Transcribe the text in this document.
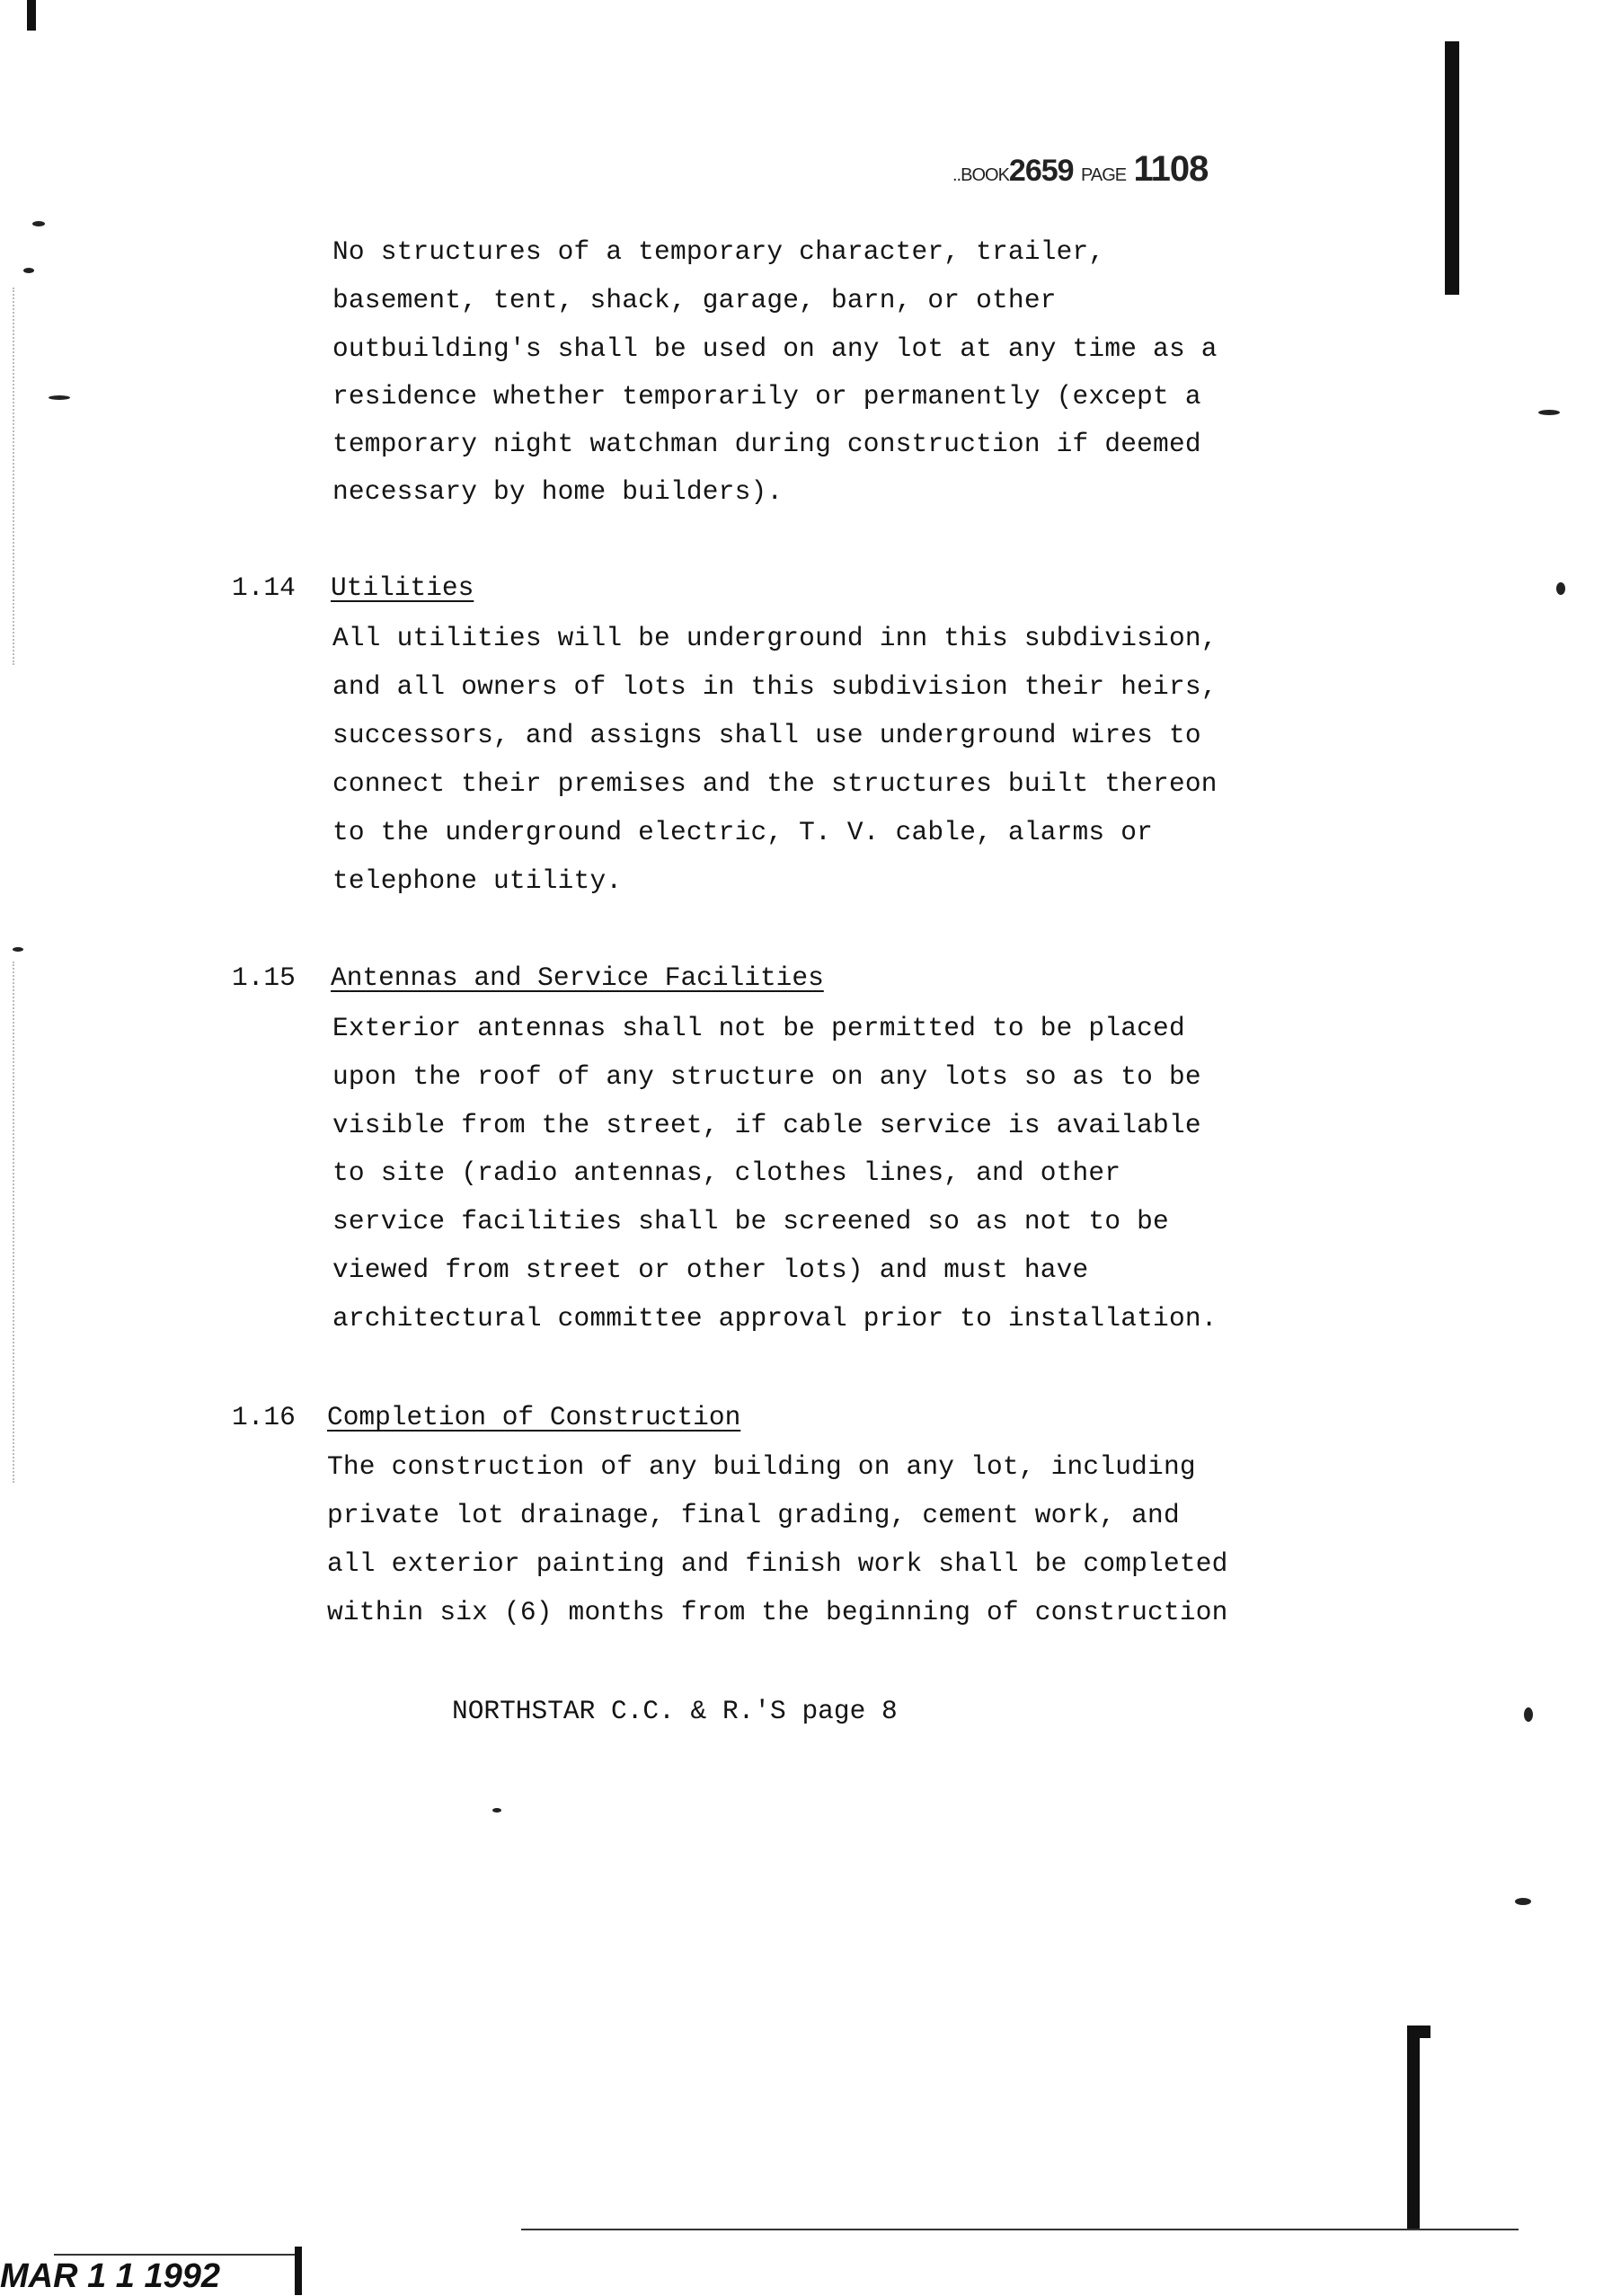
..BOOK2659 PAGE 1108
No structures of a temporary character, trailer,
basement, tent, shack, garage, barn, or other
outbuilding's shall be used on any lot at any time as a
residence whether temporarily or permanently (except a
temporary night watchman during construction if deemed
necessary by home builders).
1.14 Utilities
All utilities will be underground inn this subdivision,
and all owners of lots in this subdivision their heirs,
successors, and assigns shall use underground wires to
connect their premises and the structures built thereon
to the underground electric, T. V. cable, alarms or
telephone utility.
1.15 Antennas and Service Facilities
Exterior antennas shall not be permitted to be placed
upon the roof of any structure on any lots so as to be
visible from the street, if cable service is available
to site (radio antennas, clothes lines, and other
service facilities shall be screened so as not to be
viewed from street or other lots) and must have
architectural committee approval prior to installation.
1.16 Completion of Construction
The construction of any building on any lot, including
private lot drainage, final grading, cement work, and
all exterior painting and finish work shall be completed
within six (6) months from the beginning of construction
NORTHSTAR C.C. & R.'S page 8
MAR 1 1 1992
